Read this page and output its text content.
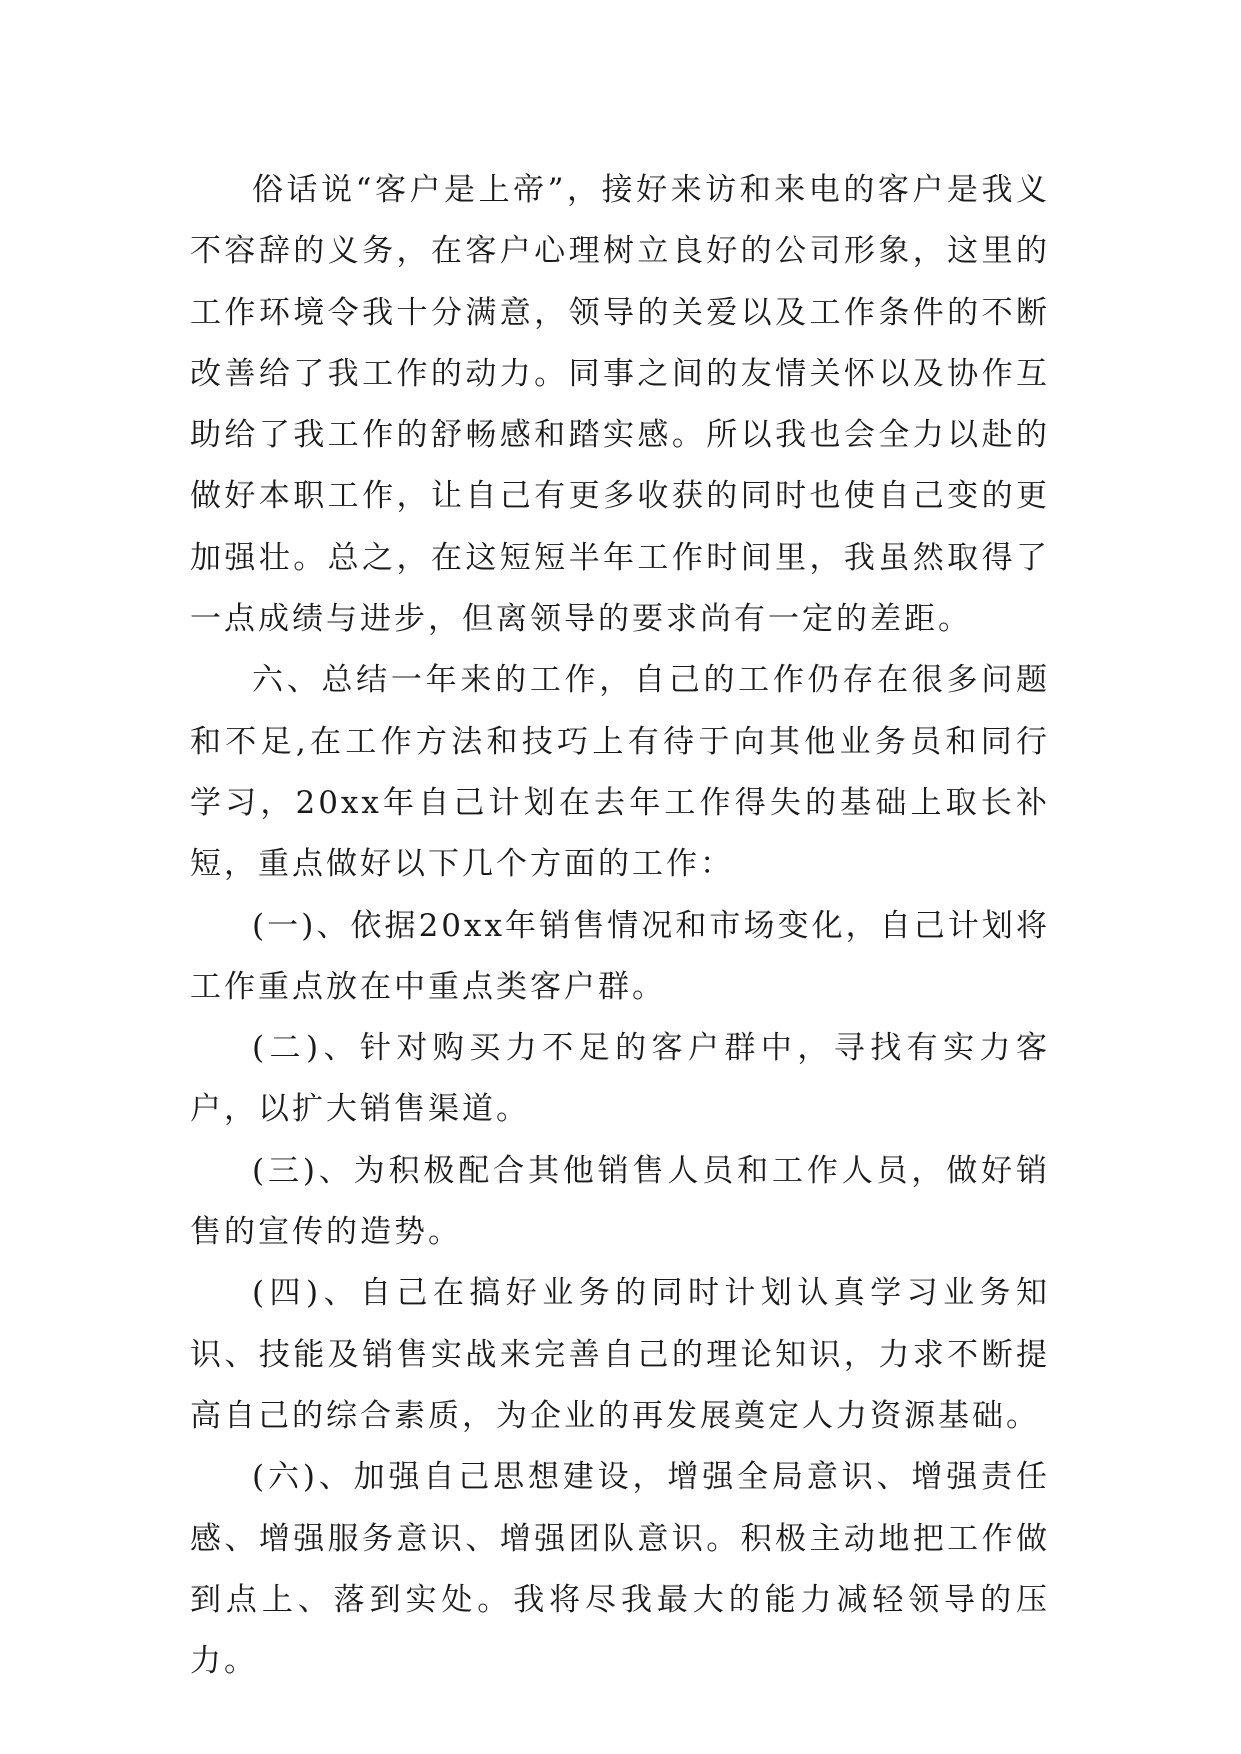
俗话说“客户是上帝”，接好来访和来电的客户是我义不容辞的义务，在客户心理树立良好的公司形象，这里的工作环境令我十分满意，领导的关爱以及工作条件的不断改善给了我工作的动力。同事之间的友情关怀以及协作互助给了我工作的舒畅感和踏实感。所以我也会全力以赴的做好本职工作，让自己有更多收获的同时也使自己变的更加强壮。总之，在这短短半年工作时间里，我虽然取得了一点成绩与进步，但离领导的要求尚有一定的差距。

六、总结一年来的工作，自己的工作仍存在很多问题和不足,在工作方法和技巧上有待于向其他业务员和同行学习，20xx年自己计划在去年工作得失的基础上取长补短，重点做好以下几个方面的工作：

(一)、依据20xx年销售情况和市场变化，自己计划将工作重点放在中重点类客户群。

(二)、针对购买力不足的客户群中，寻找有实力客户，以扩大销售渠道。

(三)、为积极配合其他销售人员和工作人员，做好销售的宣传的造势。

(四)、自己在搞好业务的同时计划认真学习业务知识、技能及销售实战来完善自己的理论知识，力求不断提高自己的综合素质，为企业的再发展奠定人力资源基础。

(六)、加强自己思想建设，增强全局意识、增强责任感、增强服务意识、增强团队意识。积极主动地把工作做到点上、落到实处。我将尽我最大的能力减轻领导的压力。
